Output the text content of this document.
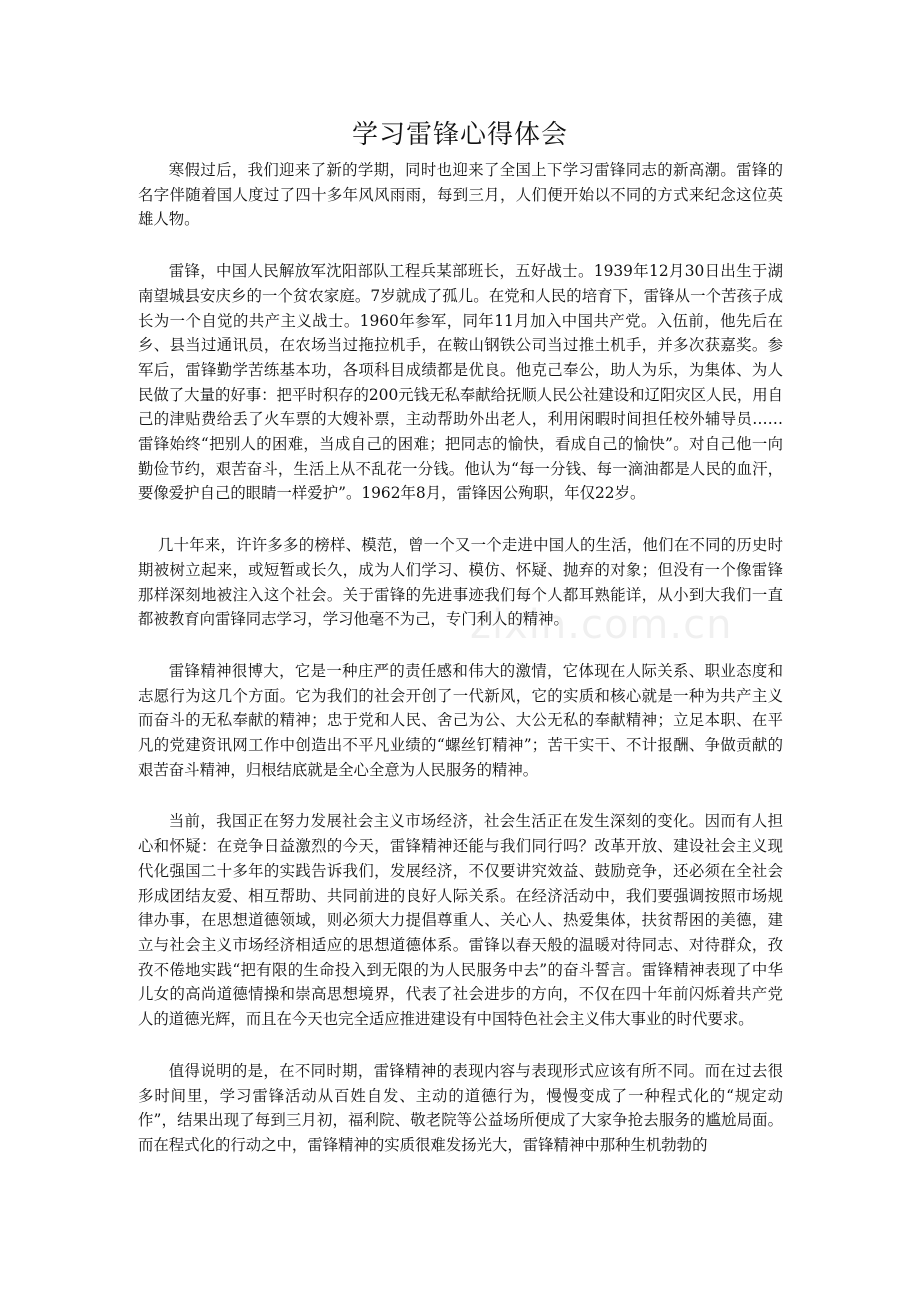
学习雷锋心得体会

寒假过后，我们迎来了新的学期，同时也迎来了全国上下学习雷锋同志的新高潮。雷锋的名字伴随着国人度过了四十多年风风雨雨，每到三月，人们便开始以不同的方式来纪念这位英雄人物。

雷锋，中国人民解放军沈阳部队工程兵某部班长，五好战士。1939年12月30日出生于湖南望城县安庆乡的一个贫农家庭。7岁就成了孤儿。在党和人民的培育下，雷锋从一个苦孩子成长为一个自觉的共产主义战士。1960年参军，同年11月加入中国共产党。入伍前，他先后在乡、县当过通讯员，在农场当过拖拉机手，在鞍山钢铁公司当过推土机手，并多次获嘉奖。参军后，雷锋勤学苦练基本功，各项科目成绩都是优良。他克己奉公，助人为乐，为集体、为人民做了大量的好事：把平时积存的200元钱无私奉献给抚顺人民公社建设和辽阳灾区人民，用自己的津贴费给丢了火车票的大嫂补票，主动帮助外出老人，利用闲暇时间担任校外辅导员……雷锋始终“把别人的困难，当成自己的困难；把同志的愉快，看成自己的愉快”。对自己他一向勤俭节约，艰苦奋斗，生活上从不乱花一分钱。他认为“每一分钱、每一滴油都是人民的血汗，要像爱护自己的眼睛一样爱护”。1962年8月，雷锋因公殉职，年仅22岁。

几十年来，许许多多的榜样、模范，曾一个又一个走进中国人的生活，他们在不同的历史时期被树立起来，或短暂或长久，成为人们学习、模仿、怀疑、抛弃的对象；但没有一个像雷锋那样深刻地被注入这个社会。关于雷锋的先进事迹我们每个人都耳熟能详，从小到大我们一直都被教育向雷锋同志学习，学习他毫不为己，专门利人的精神。

雷锋精神很博大，它是一种庄严的责任感和伟大的激情，它体现在人际关系、职业态度和志愿行为这几个方面。它为我们的社会开创了一代新风，它的实质和核心就是一种为共产主义而奋斗的无私奉献的精神；忠于党和人民、舍己为公、大公无私的奉献精神；立足本职、在平凡的党建资讯网工作中创造出不平凡业绩的“螺丝钉精神”；苦干实干、不计报酬、争做贡献的艰苦奋斗精神，归根结底就是全心全意为人民服务的精神。

当前，我国正在努力发展社会主义市场经济，社会生活正在发生深刻的变化。因而有人担心和怀疑：在竞争日益激烈的今天，雷锋精神还能与我们同行吗？改革开放、建设社会主义现代化强国二十多年的实践告诉我们，发展经济，不仅要讲究效益、鼓励竞争，还必须在全社会形成团结友爱、相互帮助、共同前进的良好人际关系。在经济活动中，我们要强调按照市场规律办事，在思想道德领域，则必须大力提倡尊重人、关心人、热爱集体，扶贫帮困的美德，建立与社会主义市场经济相适应的思想道德体系。雷锋以春天般的温暖对待同志、对待群众，孜孜不倦地实践“把有限的生命投入到无限的为人民服务中去”的奋斗誓言。雷锋精神表现了中华儿女的高尚道德情操和崇高思想境界，代表了社会进步的方向，不仅在四十年前闪烁着共产党人的道德光辉，而且在今天也完全适应推进建设有中国特色社会主义伟大事业的时代要求。

值得说明的是，在不同时期，雷锋精神的表现内容与表现形式应该有所不同。而在过去很多时间里，学习雷锋活动从百姓自发、主动的道德行为，慢慢变成了一种程式化的“规定动作”，结果出现了每到三月初，福利院、敬老院等公益场所便成了大家争抢去服务的尴尬局面。而在程式化的行动之中，雷锋精神的实质很难发扬光大，雷锋精神中那种生机勃勃的

zixin.com.cn
